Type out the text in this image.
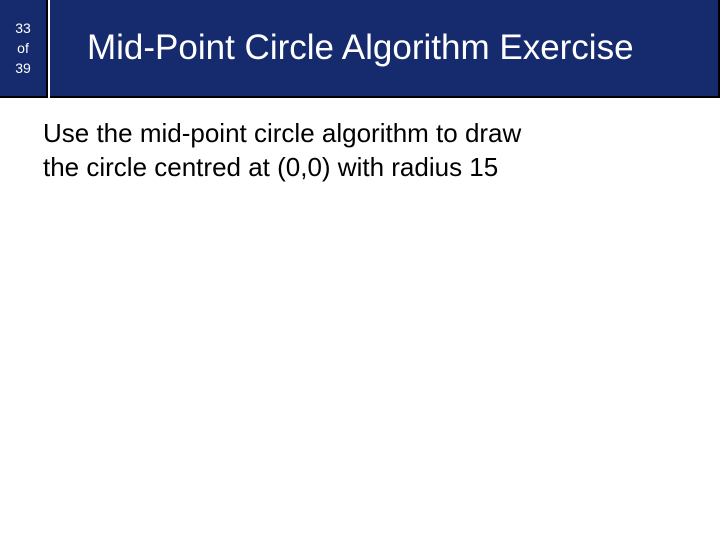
33
of
39
Mid-Point Circle Algorithm Exercise
Use the mid-point circle algorithm to draw
the circle centred at (0,0) with radius 15
